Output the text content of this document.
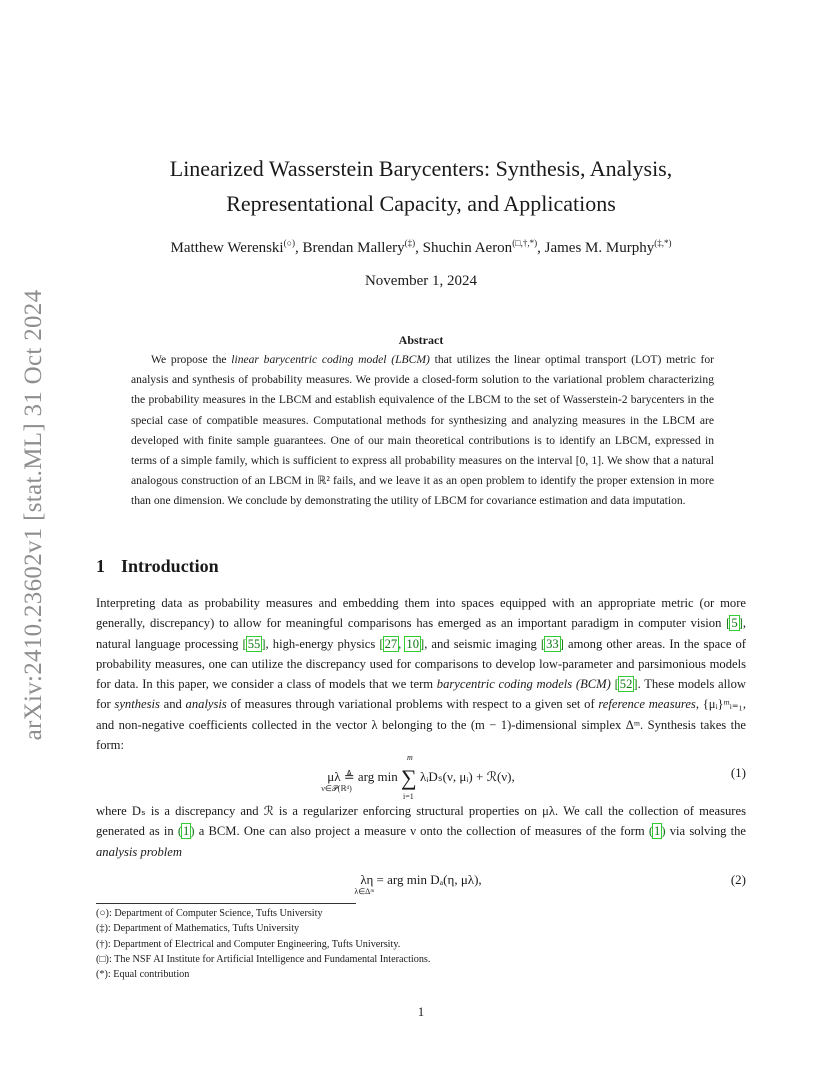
arXiv:2410.23602v1 [stat.ML] 31 Oct 2024
Linearized Wasserstein Barycenters: Synthesis, Analysis,
Representational Capacity, and Applications
Matthew Werenski(○), Brendan Mallery(‡), Shuchin Aeron(□,†,*), James M. Murphy(‡,*)
November 1, 2024
Abstract

We propose the linear barycentric coding model (LBCM) that utilizes the linear optimal transport (LOT) metric for analysis and synthesis of probability measures. We provide a closed-form solution to the variational problem characterizing the probability measures in the LBCM and establish equivalence of the LBCM to the set of Wasserstein-2 barycenters in the special case of compatible measures. Computational methods for synthesizing and analyzing measures in the LBCM are developed with finite sample guarantees. One of our main theoretical contributions is to identify an LBCM, expressed in terms of a simple family, which is sufficient to express all probability measures on the interval [0, 1]. We show that a natural analogous construction of an LBCM in ℝ² fails, and we leave it as an open problem to identify the proper extension in more than one dimension. We conclude by demonstrating the utility of LBCM for covariance estimation and data imputation.

1 Introduction

Interpreting data as probability measures and embedding them into spaces equipped with an appropriate metric (or more generally, discrepancy) to allow for meaningful comparisons has emerged as an important paradigm in computer vision [5], natural language processing [55], high-energy physics [27, 10], and seismic imaging [33] among other areas. In the space of probability measures, one can utilize the discrepancy used for comparisons to develop low-parameter and parsimonious models for data. In this paper, we consider a class of models that we term barycentric coding models (BCM) [52]. These models allow for synthesis and analysis of measures through variational problems with respect to a given set of reference measures, {μᵢ}ᵐᵢ₌₁, and non-negative coefficients collected in the vector λ belonging to the (m − 1)-dimensional simplex Δᵐ. Synthesis takes the form:

μλ ≜ arg min
ν∈𝒫(ℝᵈ) ∑
m
i=1
λᵢDₛ(ν, μᵢ) + ℛ(ν),	(1)

where Dₛ is a discrepancy and ℛ is a regularizer enforcing structural properties on μλ. We call the collection of measures generated as in (1) a BCM. One can also project a measure ν onto the collection of measures of the form (1) via solving the analysis problem

λη = arg min
λ∈Δᵐ
Dₐ(η, μλ),	(2)
(○): Department of Computer Science, Tufts University
(‡): Department of Mathematics, Tufts University
(†): Department of Electrical and Computer Engineering, Tufts University.
(□): The NSF AI Institute for Artificial Intelligence and Fundamental Interactions.
(*): Equal contribution
1
